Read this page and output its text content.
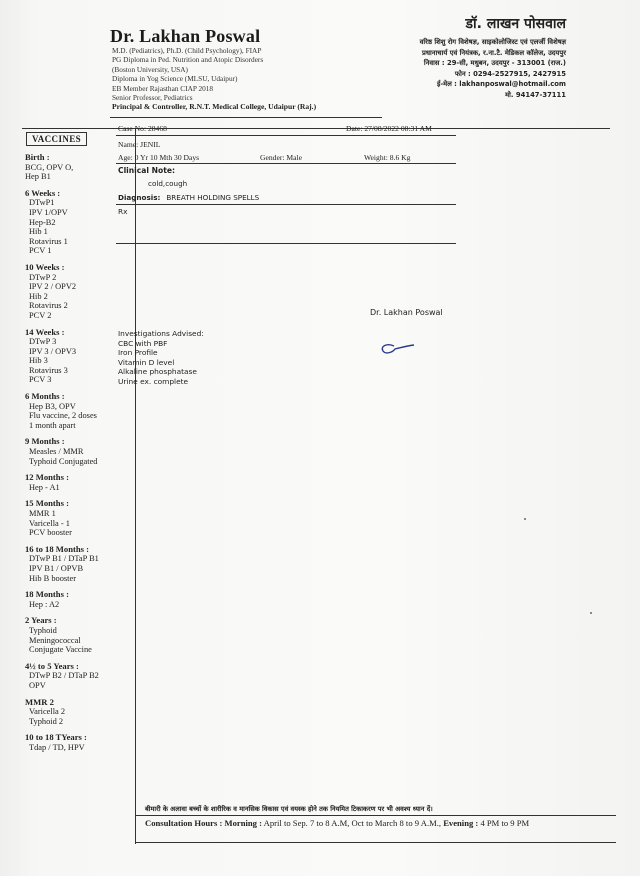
Dr. Lakhan Poswal
M.D. (Pediatrics), Ph.D. (Child Psychology), FIAP
PG Diploma in Ped. Nutrition and Atopic Disorders
(Boston University, USA)
Diploma in Yog Science (MLSU, Udaipur)
EB Member Rajasthan CIAP 2018
Senior Professor, Pediatrics
Principal & Controller, R.N.T. Medical College, Udaipur (Raj.)
डॉ. लाखन पोसवाल
वरिष्ठ शिशु रोग विशेषज्ञ, साइकोलोजिस्ट एवं एलर्जी विशेषज्ञ
प्रधानाचार्य एवं नियंत्रक, र.ना.टै. मेडिकल कॉलेज, उदयपुर
निवास : 29-सी, मधुबन, उदयपुर - 313001 (राज.)
फोन : 0294-2527915, 2427915
ई-मेल : lakhanposwal@hotmail.com
मो. 94147-37111
VACCINES
Birth :
BCG, OPV O,
Hep B1
6 Weeks :
DTwP1
IPV 1/OPV
Hep-B2
Hib 1
Rotavirus 1
PCV 1
10 Weeks :
DTwP 2
IPV 2 / OPV2
Hib 2
Rotavirus 2
PCV 2
14 Weeks :
DTwP 3
IPV 3 / OPV3
Hib 3
Rotavirus 3
PCV 3
6 Months :
Hep B3, OPV
Flu vaccine, 2 doses
1 month apart
9 Months :
Measles / MMR
Typhoid Conjugated
12 Months :
Hep - A1
15 Months :
MMR 1
Varicella - 1
PCV booster
16 to 18 Months :
DTwP B1 / DTaP B1
IPV B1 / OPVB
Hib B booster
18 Months :
Hep : A2
2 Years :
Typhoid
Meningococcal
Conjugate Vaccine
4½ to 5 Years :
DTwP B2 / DTaP B2
OPV
MMR 2
Varicella 2
Typhoid 2
10 to 18 TYears :
Tdap / TD, HPV
Case No: 28468	Date: 27/08/2022 08:31 AM
Name: JENIL
Age: 0 Yr 10 Mth 30 Days	Gender: Male	Weight: 8.6 Kg
Clinical Note:
cold,cough
Diagnosis: BREATH HOLDING SPELLS
Rx
Dr. Lakhan Poswal
Investigations Advised:
CBC with PBF
Iron Profile
Vitamin D level
Alkaline phosphatase
Urine ex. complete
बीमारी के अलावा बच्चों के शारीरिक व मानसिक विकास एवं वयस्क होने तक नियमित टिकाकरण पर भी अवश्य ध्यान दें।
Consultation Hours : Morning : April to Sep. 7 to 8 A.M, Oct to March 8 to 9 A.M., Evening : 4 PM to 9 PM
